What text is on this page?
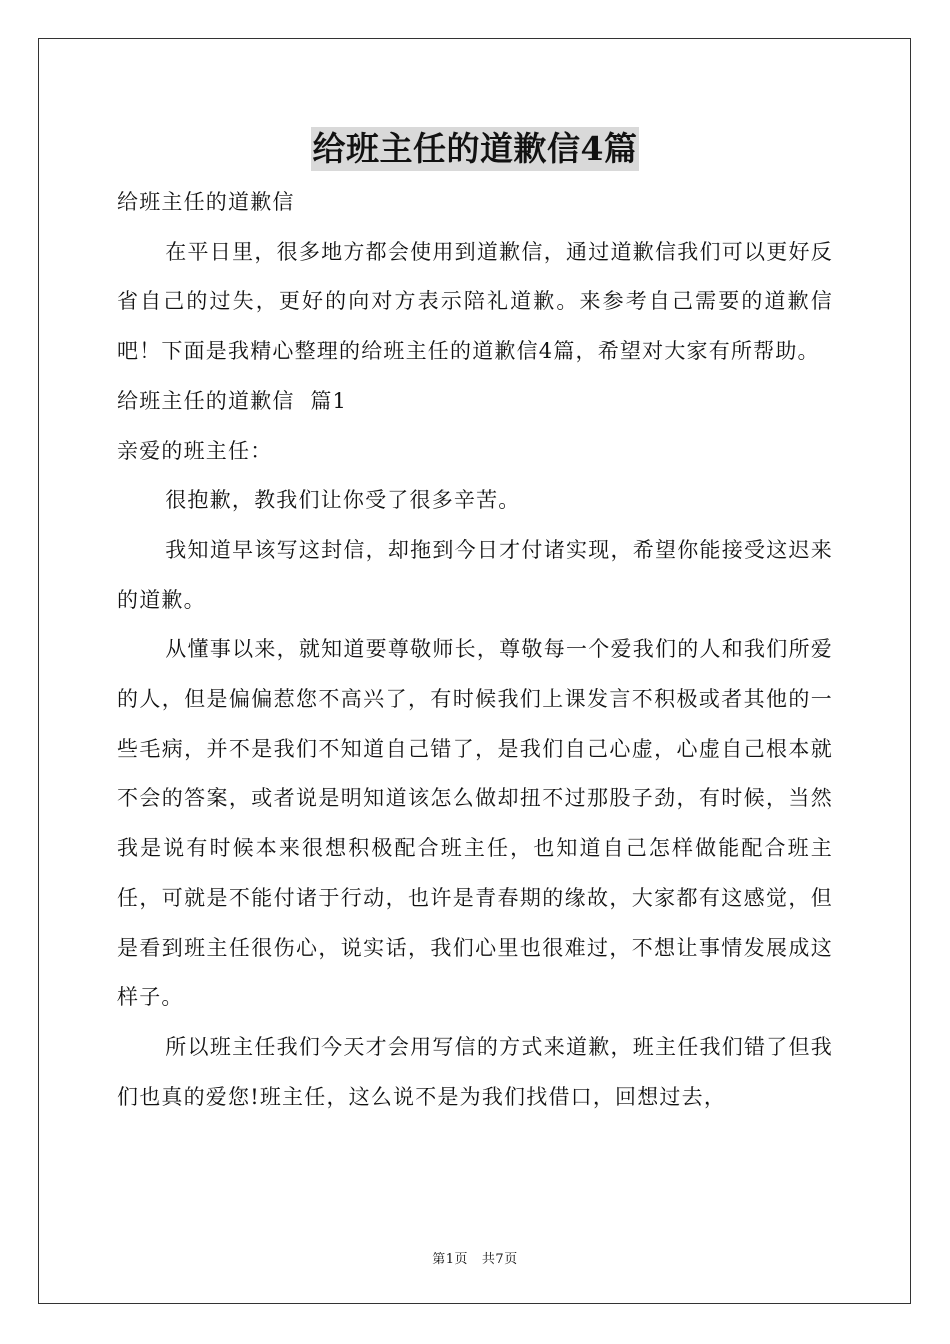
给班主任的道歉信4篇

给班主任的道歉信

在平日里，很多地方都会使用到道歉信，通过道歉信我们可以更好反省自己的过失，更好的向对方表示陪礼道歉。来参考自己需要的道歉信吧！下面是我精心整理的给班主任的道歉信4篇，希望对大家有所帮助。

给班主任的道歉信  篇1

亲爱的班主任：

很抱歉，教我们让你受了很多辛苦。

我知道早该写这封信，却拖到今日才付诸实现，希望你能接受这迟来的道歉。

从懂事以来，就知道要尊敬师长，尊敬每一个爱我们的人和我们所爱的人，但是偏偏惹您不高兴了，有时候我们上课发言不积极或者其他的一些毛病，并不是我们不知道自己错了，是我们自己心虚，心虚自己根本就不会的答案，或者说是明知道该怎么做却扭不过那股子劲，有时候，当然我是说有时候本来很想积极配合班主任，也知道自己怎样做能配合班主任，可就是不能付诸于行动，也许是青春期的缘故，大家都有这感觉，但是看到班主任很伤心，说实话，我们心里也很难过，不想让事情发展成这样子。

所以班主任我们今天才会用写信的方式来道歉，班主任我们错了但我们也真的爱您!班主任，这么说不是为我们找借口，回想过去，

第1页   共7页
